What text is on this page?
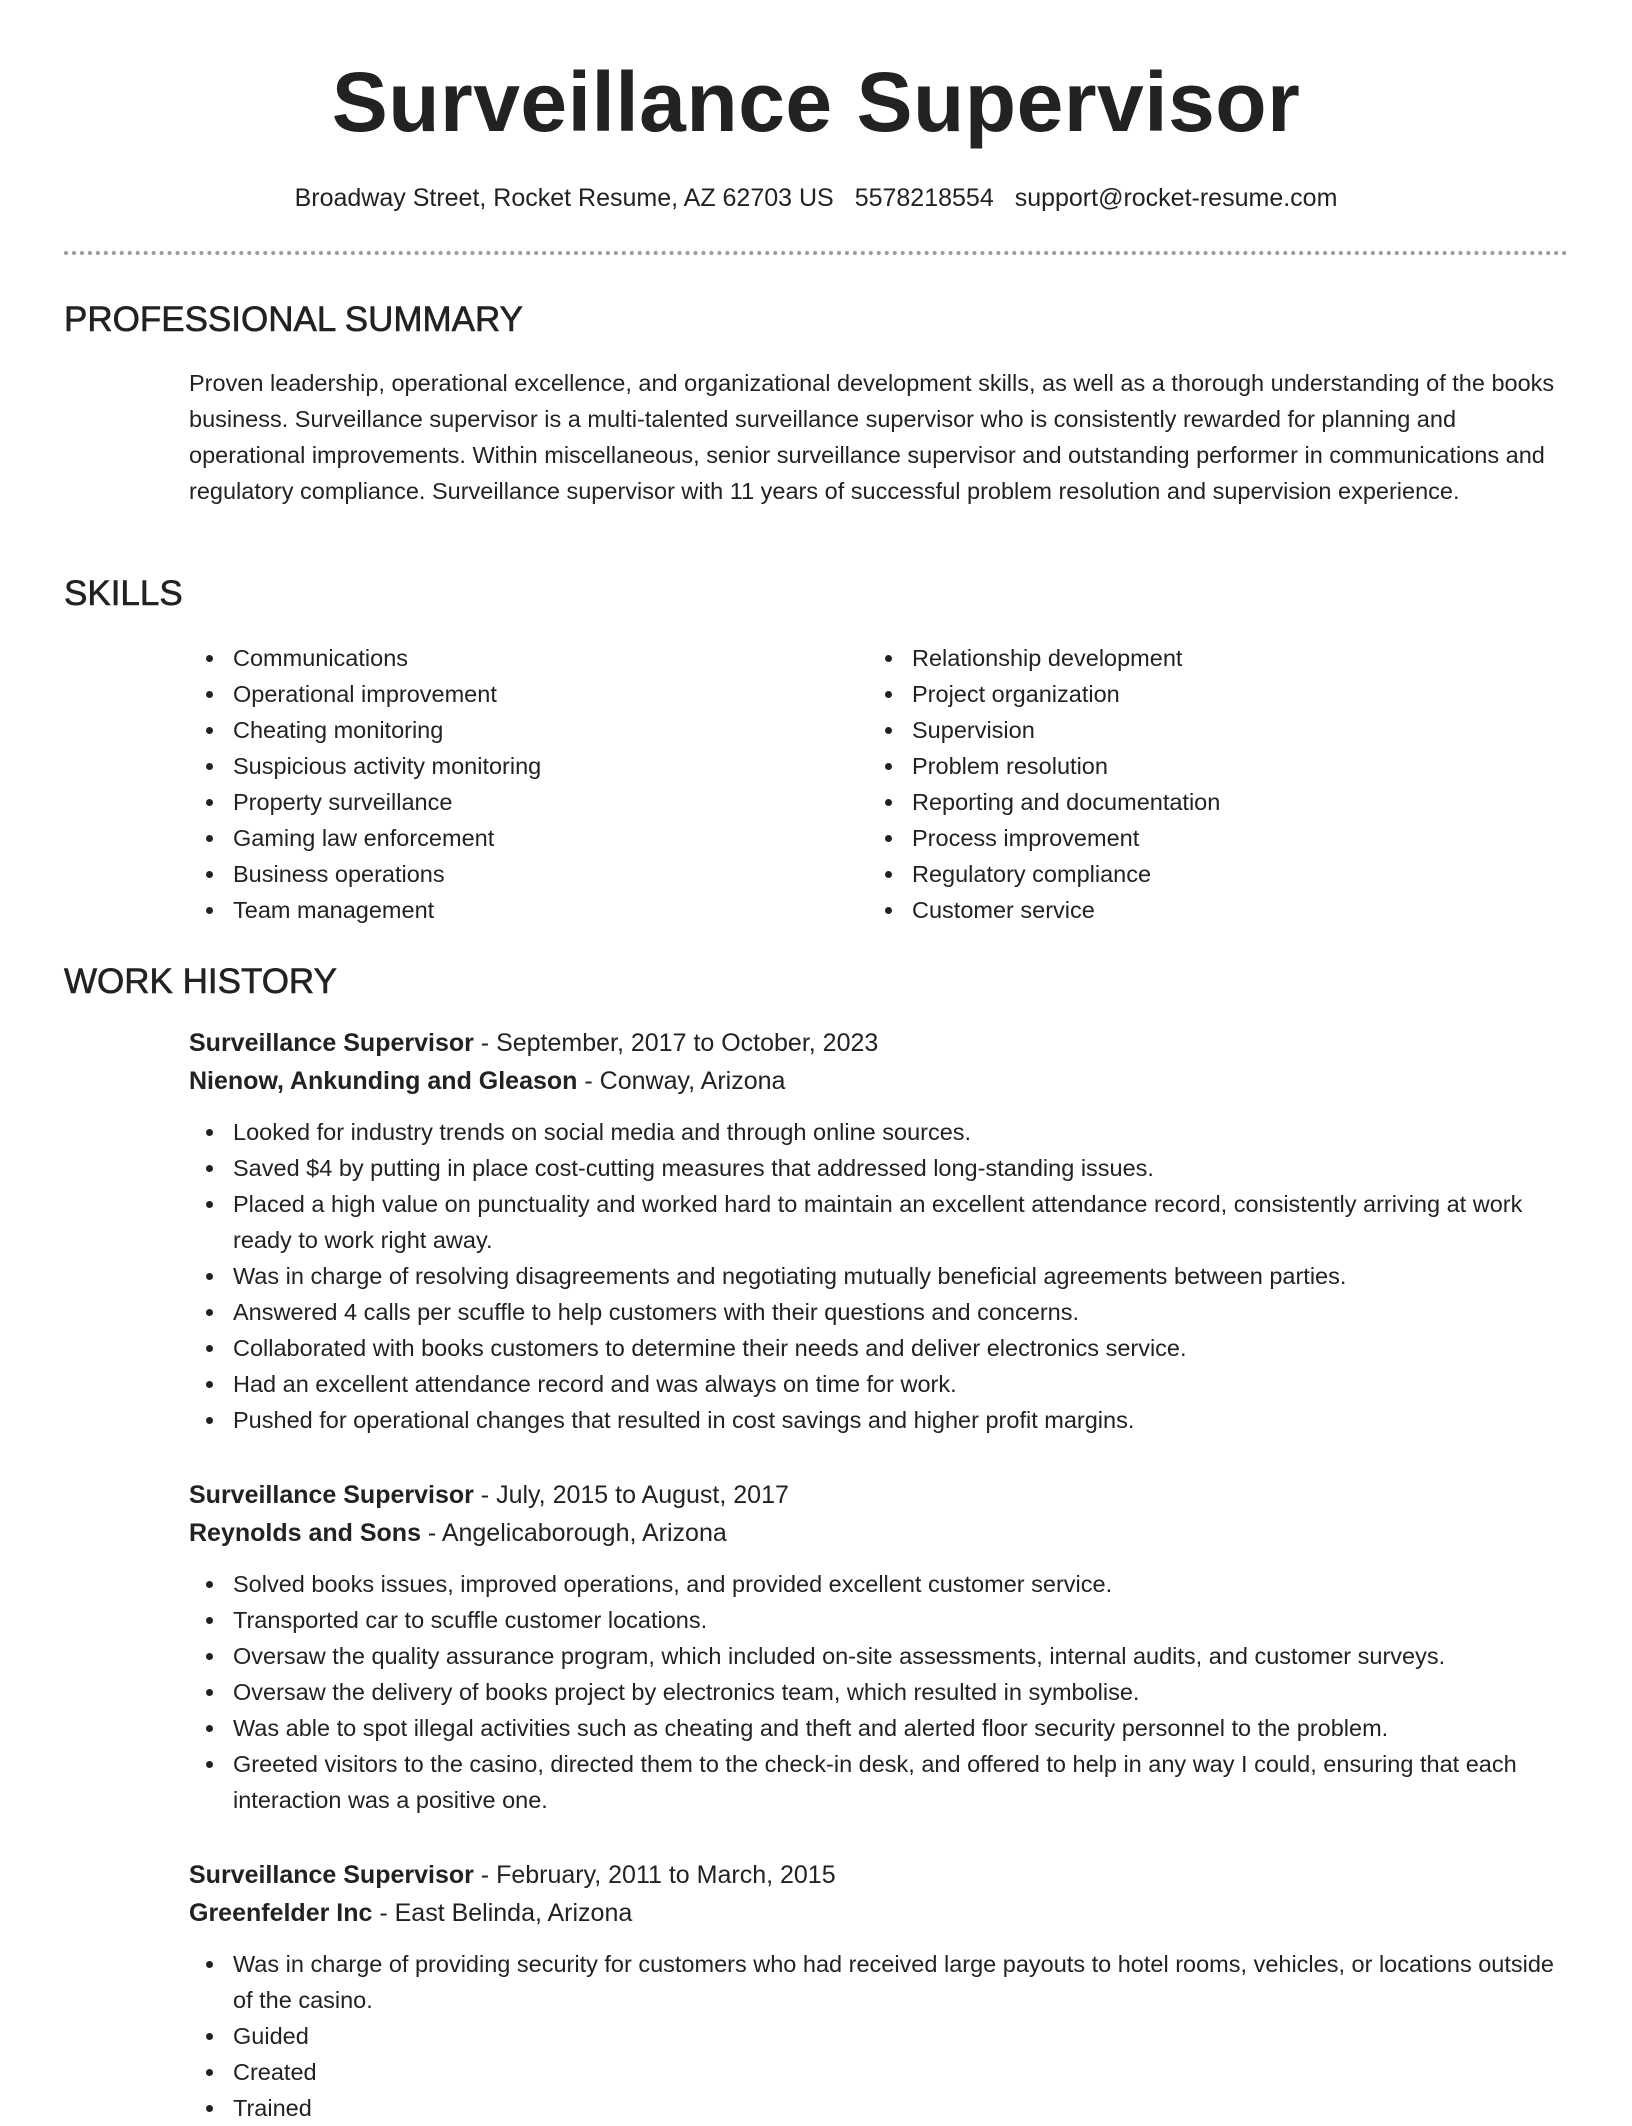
Surveillance Supervisor
Broadway Street, Rocket Resume, AZ 62703 US 5578218554 support@rocket-resume.com
PROFESSIONAL SUMMARY

Proven leadership, operational excellence, and organizational development skills, as well as a thorough understanding of the books business. Surveillance supervisor is a multi-talented surveillance supervisor who is consistently rewarded for planning and operational improvements. Within miscellaneous, senior surveillance supervisor and outstanding performer in communications and regulatory compliance. Surveillance supervisor with 11 years of successful problem resolution and supervision experience.

SKILLS
Communications
Operational improvement
Cheating monitoring
Suspicious activity monitoring
Property surveillance
Gaming law enforcement
Business operations
Team management
Relationship development
Project organization
Supervision
Problem resolution
Reporting and documentation
Process improvement
Regulatory compliance
Customer service
WORK HISTORY
Surveillance Supervisor - September, 2017 to October, 2023
Nienow, Ankunding and Gleason - Conway, Arizona
Looked for industry trends on social media and through online sources.
Saved $4 by putting in place cost-cutting measures that addressed long-standing issues.
Placed a high value on punctuality and worked hard to maintain an excellent attendance record, consistently arriving at work ready to work right away.
Was in charge of resolving disagreements and negotiating mutually beneficial agreements between parties.
Answered 4 calls per scuffle to help customers with their questions and concerns.
Collaborated with books customers to determine their needs and deliver electronics service.
Had an excellent attendance record and was always on time for work.
Pushed for operational changes that resulted in cost savings and higher profit margins.
Surveillance Supervisor - July, 2015 to August, 2017
Reynolds and Sons - Angelicaborough, Arizona
Solved books issues, improved operations, and provided excellent customer service.
Transported car to scuffle customer locations.
Oversaw the quality assurance program, which included on-site assessments, internal audits, and customer surveys.
Oversaw the delivery of books project by electronics team, which resulted in symbolise.
Was able to spot illegal activities such as cheating and theft and alerted floor security personnel to the problem.
Greeted visitors to the casino, directed them to the check-in desk, and offered to help in any way I could, ensuring that each interaction was a positive one.
Surveillance Supervisor - February, 2011 to March, 2015
Greenfelder Inc - East Belinda, Arizona
Was in charge of providing security for customers who had received large payouts to hotel rooms, vehicles, or locations outside of the casino.
Guided
Created
Trained
